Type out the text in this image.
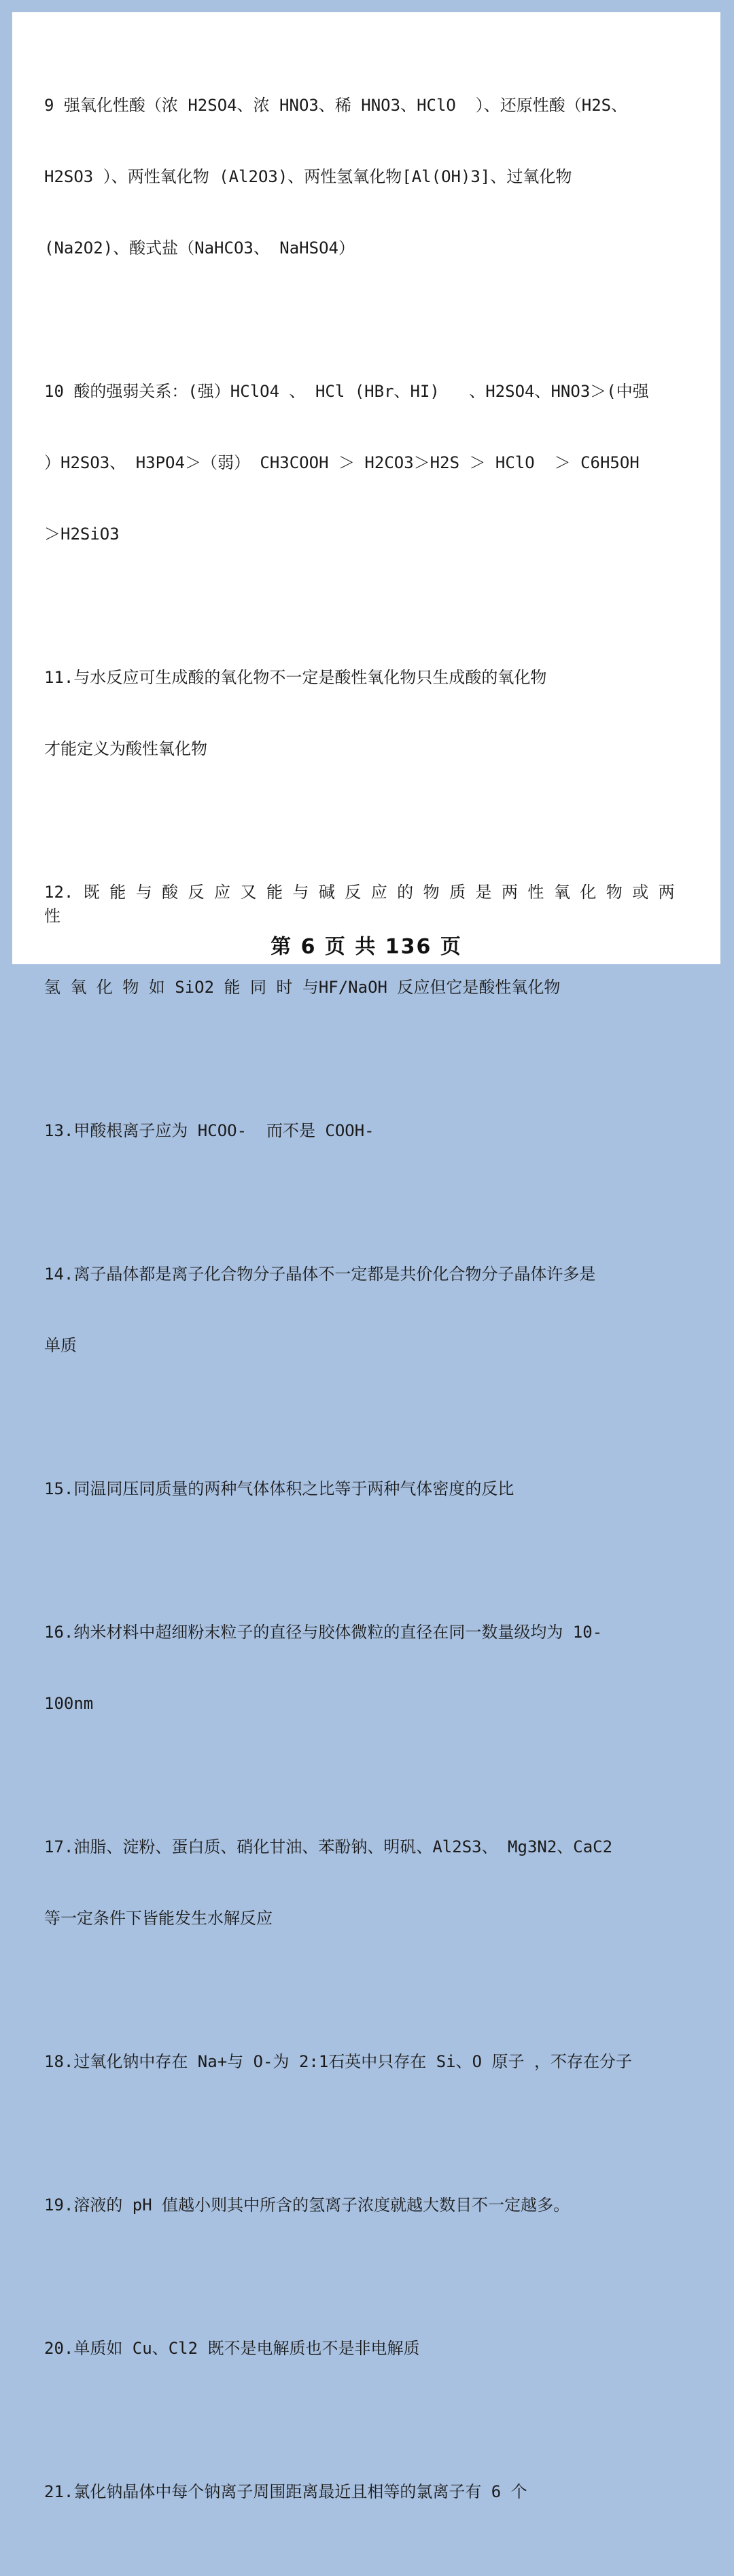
9 强氧化性酸（浓 H2SO4、浓 HNO3、稀 HNO3、HClO  ）、还原性酸（H2S、

H2SO3 ）、两性氧化物 (Al2O3)、两性氢氧化物[Al(OH)3]、过氧化物

(Na2O2)、酸式盐（NaHCO3、 NaHSO4）

10 酸的强弱关系：(强）HClO4 、 HCl (HBr、HI)   、H2SO4、HNO3＞(中强

）H2SO3、 H3PO4＞（弱） CH3COOH ＞ H2CO3＞H2S ＞ HClO  ＞ C6H5OH

＞H2SiO3

11.与水反应可生成酸的氧化物不一定是酸性氧化物只生成酸的氧化物

才能定义为酸性氧化物

12. 既 能 与 酸 反 应 又 能 与 碱 反 应 的 物 质 是 两 性 氧 化 物 或 两 性

氢 氧 化 物 如 SiO2 能 同 时 与HF/NaOH 反应但它是酸性氧化物

13.甲酸根离子应为 HCOO-  而不是 COOH-

14.离子晶体都是离子化合物分子晶体不一定都是共价化合物分子晶体许多是

单质

15.同温同压同质量的两种气体体积之比等于两种气体密度的反比

16.纳米材料中超细粉末粒子的直径与胶体微粒的直径在同一数量级均为 10-

100nm

17.油脂、淀粉、蛋白质、硝化甘油、苯酚钠、明矾、Al2S3、 Mg3N2、CaC2

等一定条件下皆能发生水解反应

18.过氧化钠中存在 Na+与 O-为 2:1石英中只存在 Si、O 原子 ，不存在分子

19.溶液的 pH 值越小则其中所含的氢离子浓度就越大数目不一定越多。

20.单质如 Cu、Cl2 既不是电解质也不是非电解质

21.氯化钠晶体中每个钠离子周围距离最近且相等的氯离子有 6 个

第 6 页 共 136 页
